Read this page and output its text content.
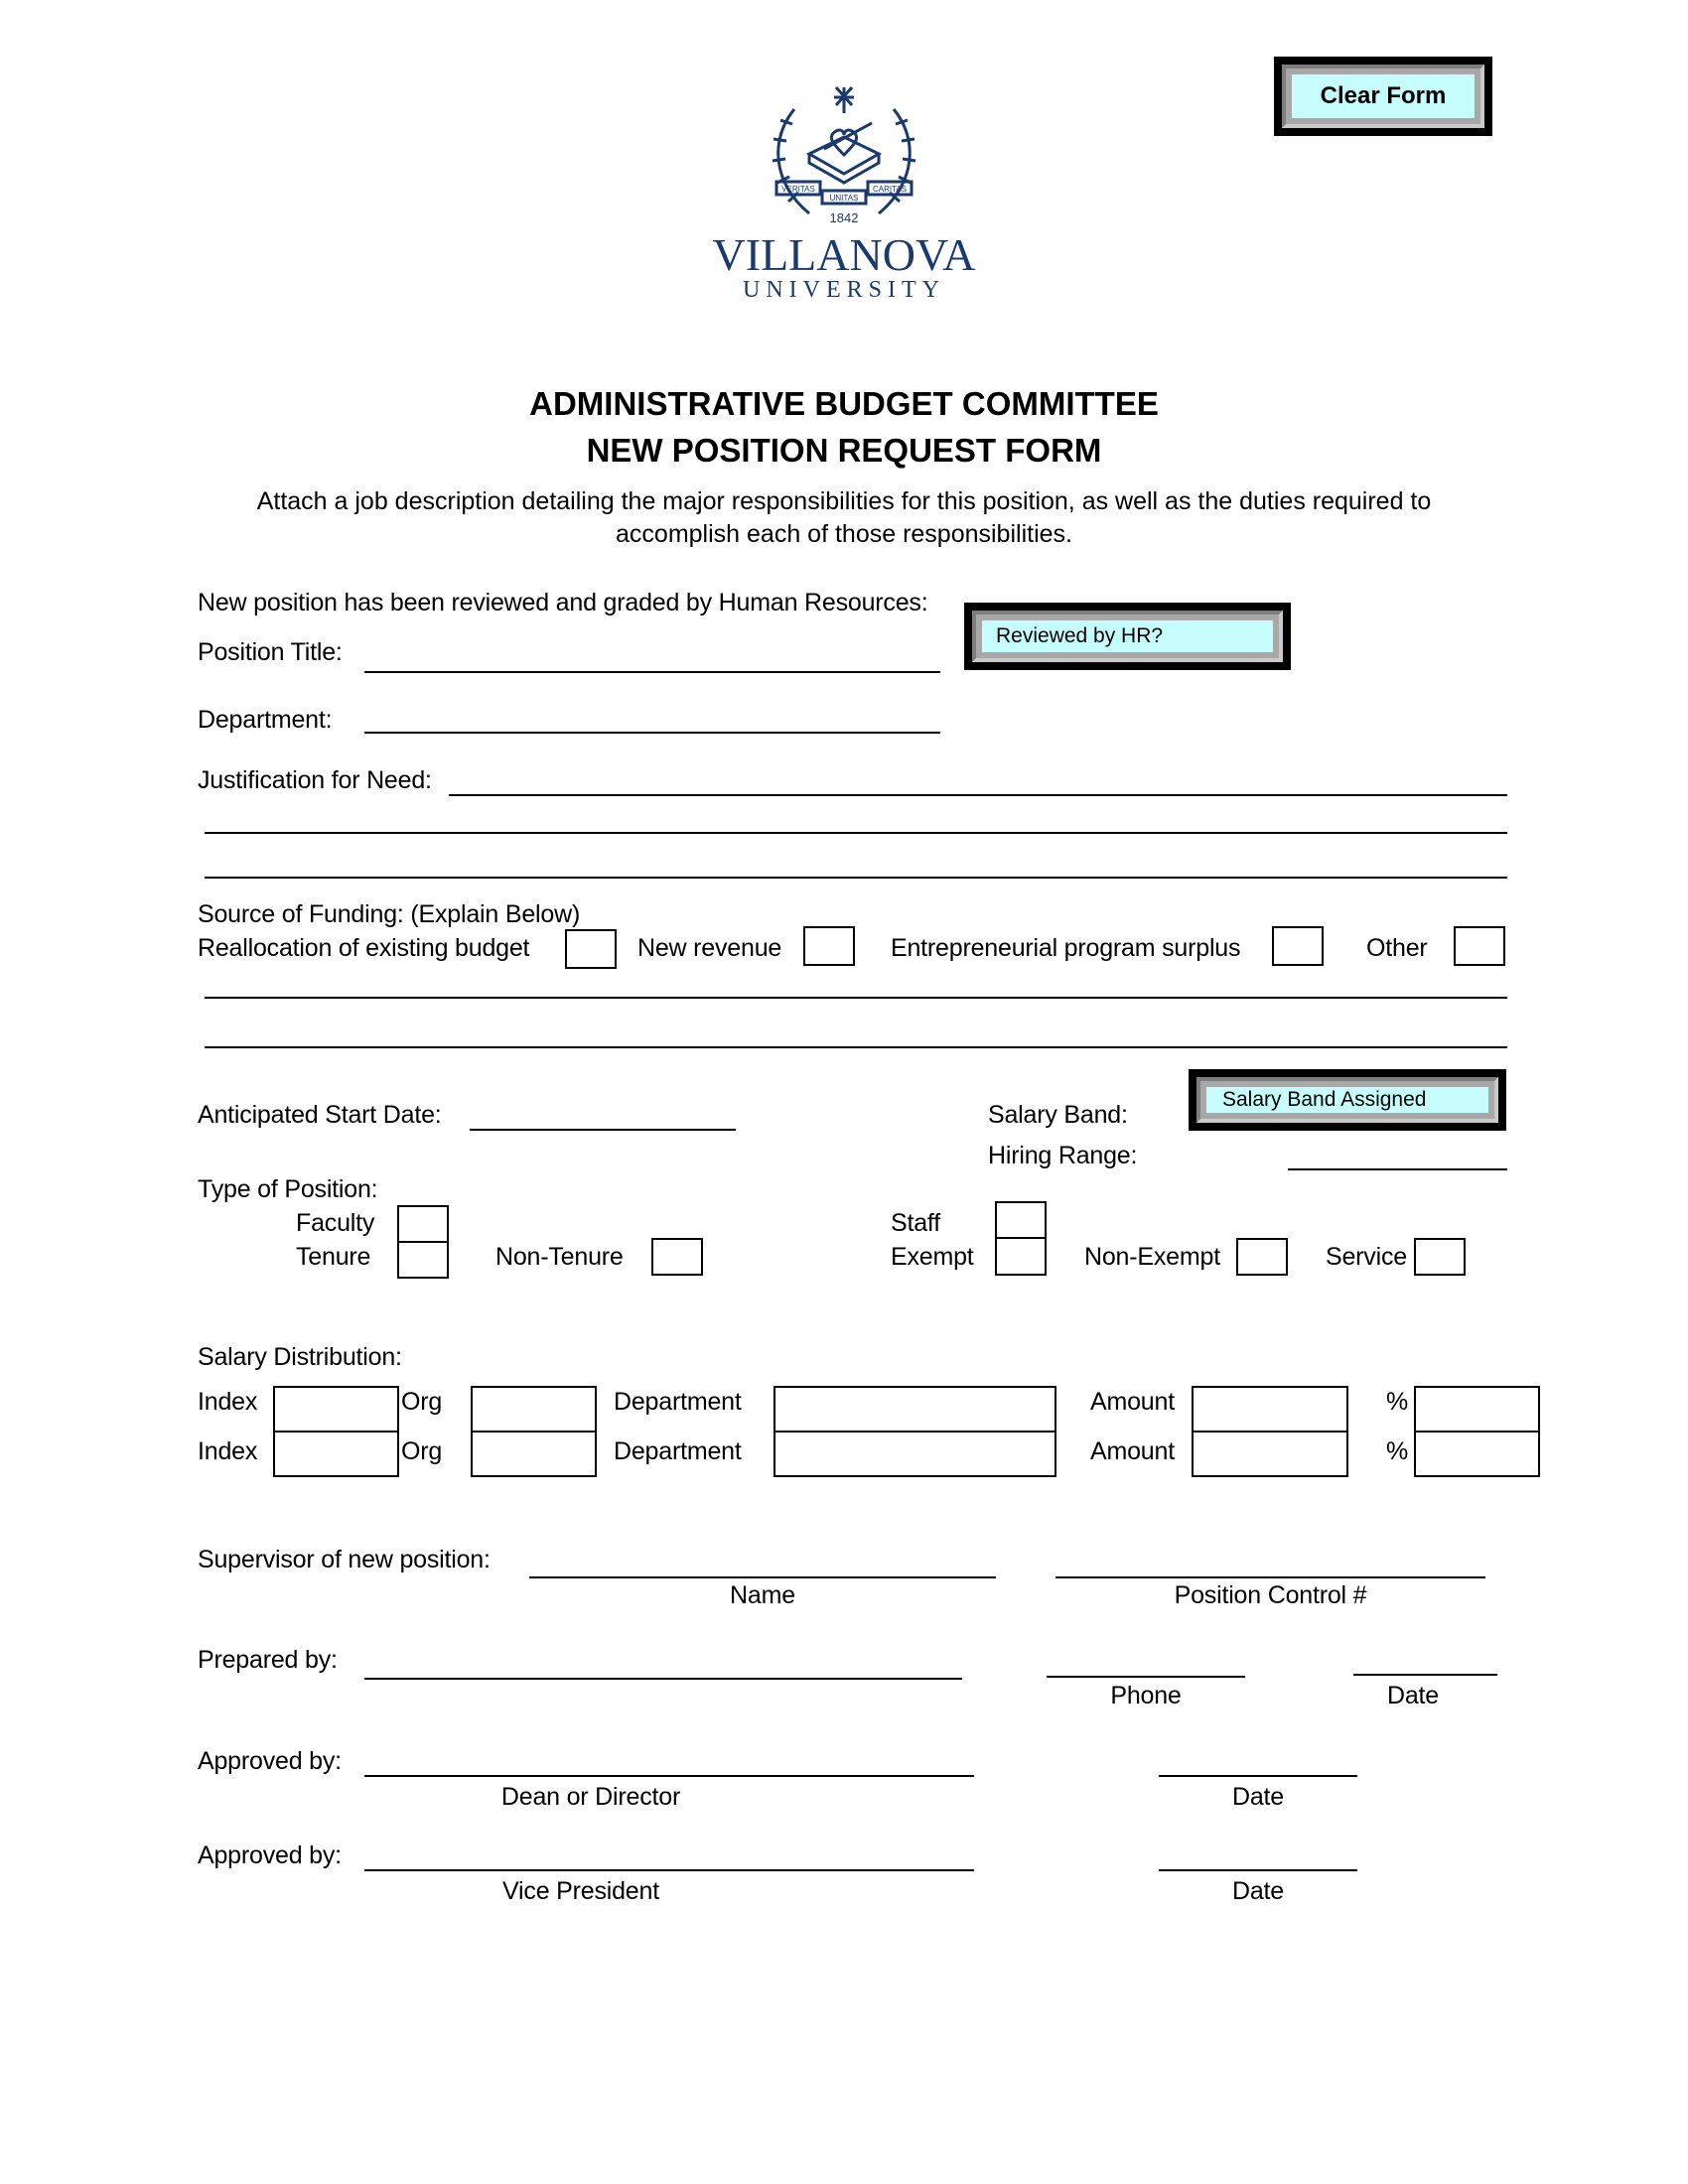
VERITAS
UNITAS
CARITAS
1842
VILLANOVA
UNIVERSITY
Clear Form
ADMINISTRATIVE BUDGET COMMITTEE
NEW POSITION REQUEST FORM
Attach a job description detailing the major responsibilities for this position, as well as the duties required to
accomplish each of those responsibilities.
New position has been reviewed and graded by Human Resources:
Reviewed by HR?
Position Title:
Department:
Justification for Need:
Source of Funding: (Explain Below)
Reallocation of existing budget	New revenue	Entrepreneurial program surplus	Other
Anticipated Start Date:	Salary Band:
Salary Band Assigned
Hiring Range:
Type of Position:
Faculty
Tenure	Non-Tenure
Staff
Exempt	Non-Exempt	Service
Salary Distribution:
Index	Org	Department	Amount	%
Index	Org	Department	Amount	%
Supervisor of new position:
Name	Position Control #
Prepared by:
Phone	Date
Approved by:
Dean or Director	Date
Approved by:
Vice President	Date
